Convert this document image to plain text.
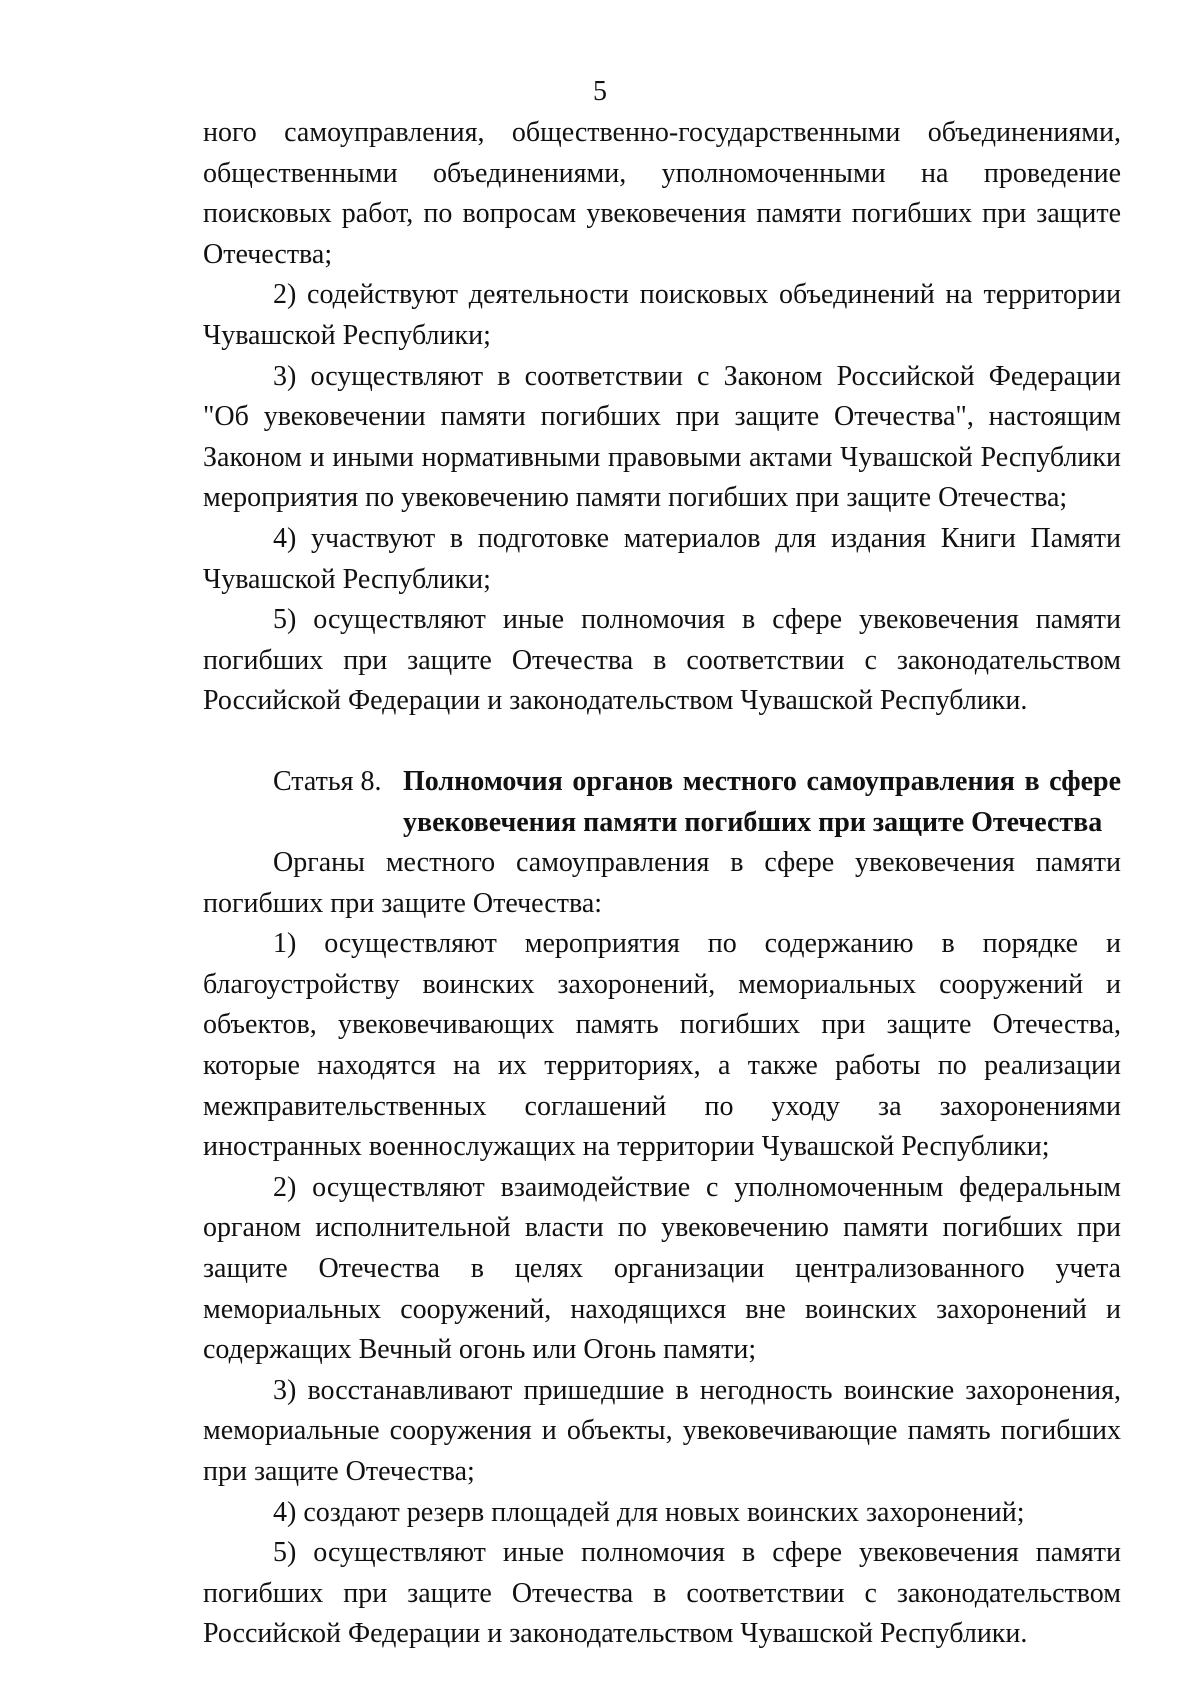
5

ного самоуправления, общественно-государственными объединениями, общественными объединениями, уполномоченными на проведение поисковых работ, по вопросам увековечения памяти погибших при защите Отечества;

2) содействуют деятельности поисковых объединений на территории Чувашской Республики;

3) осуществляют в соответствии с Законом Российской Федерации "Об увековечении памяти погибших при защите Отечества", настоящим Законом и иными нормативными правовыми актами Чувашской Республики мероприятия по увековечению памяти погибших при защите Отечества;

4) участвуют в подготовке материалов для издания Книги Памяти Чувашской Республики;

5) осуществляют иные полномочия в сфере увековечения памяти погибших при защите Отечества в соответствии с законодательством Российской Федерации и законодательством Чувашской Республики.

Статья 8. Полномочия органов местного самоуправления в сфере увековечения памяти погибших при защите Отечества

Органы местного самоуправления в сфере увековечения памяти погибших при защите Отечества:

1) осуществляют мероприятия по содержанию в порядке и благоустройству воинских захоронений, мемориальных сооружений и объектов, увековечивающих память погибших при защите Отечества, которые находятся на их территориях, а также работы по реализации межправительственных соглашений по уходу за захоронениями иностранных военнослужащих на территории Чувашской Республики;

2) осуществляют взаимодействие с уполномоченным федеральным органом исполнительной власти по увековечению памяти погибших при защите Отечества в целях организации централизованного учета мемориальных сооружений, находящихся вне воинских захоронений и содержащих Вечный огонь или Огонь памяти;

3) восстанавливают пришедшие в негодность воинские захоронения, мемориальные сооружения и объекты, увековечивающие память погибших при защите Отечества;

4) создают резерв площадей для новых воинских захоронений;

5) осуществляют иные полномочия в сфере увековечения памяти погибших при защите Отечества в соответствии с законодательством Российской Федерации и законодательством Чувашской Республики.
